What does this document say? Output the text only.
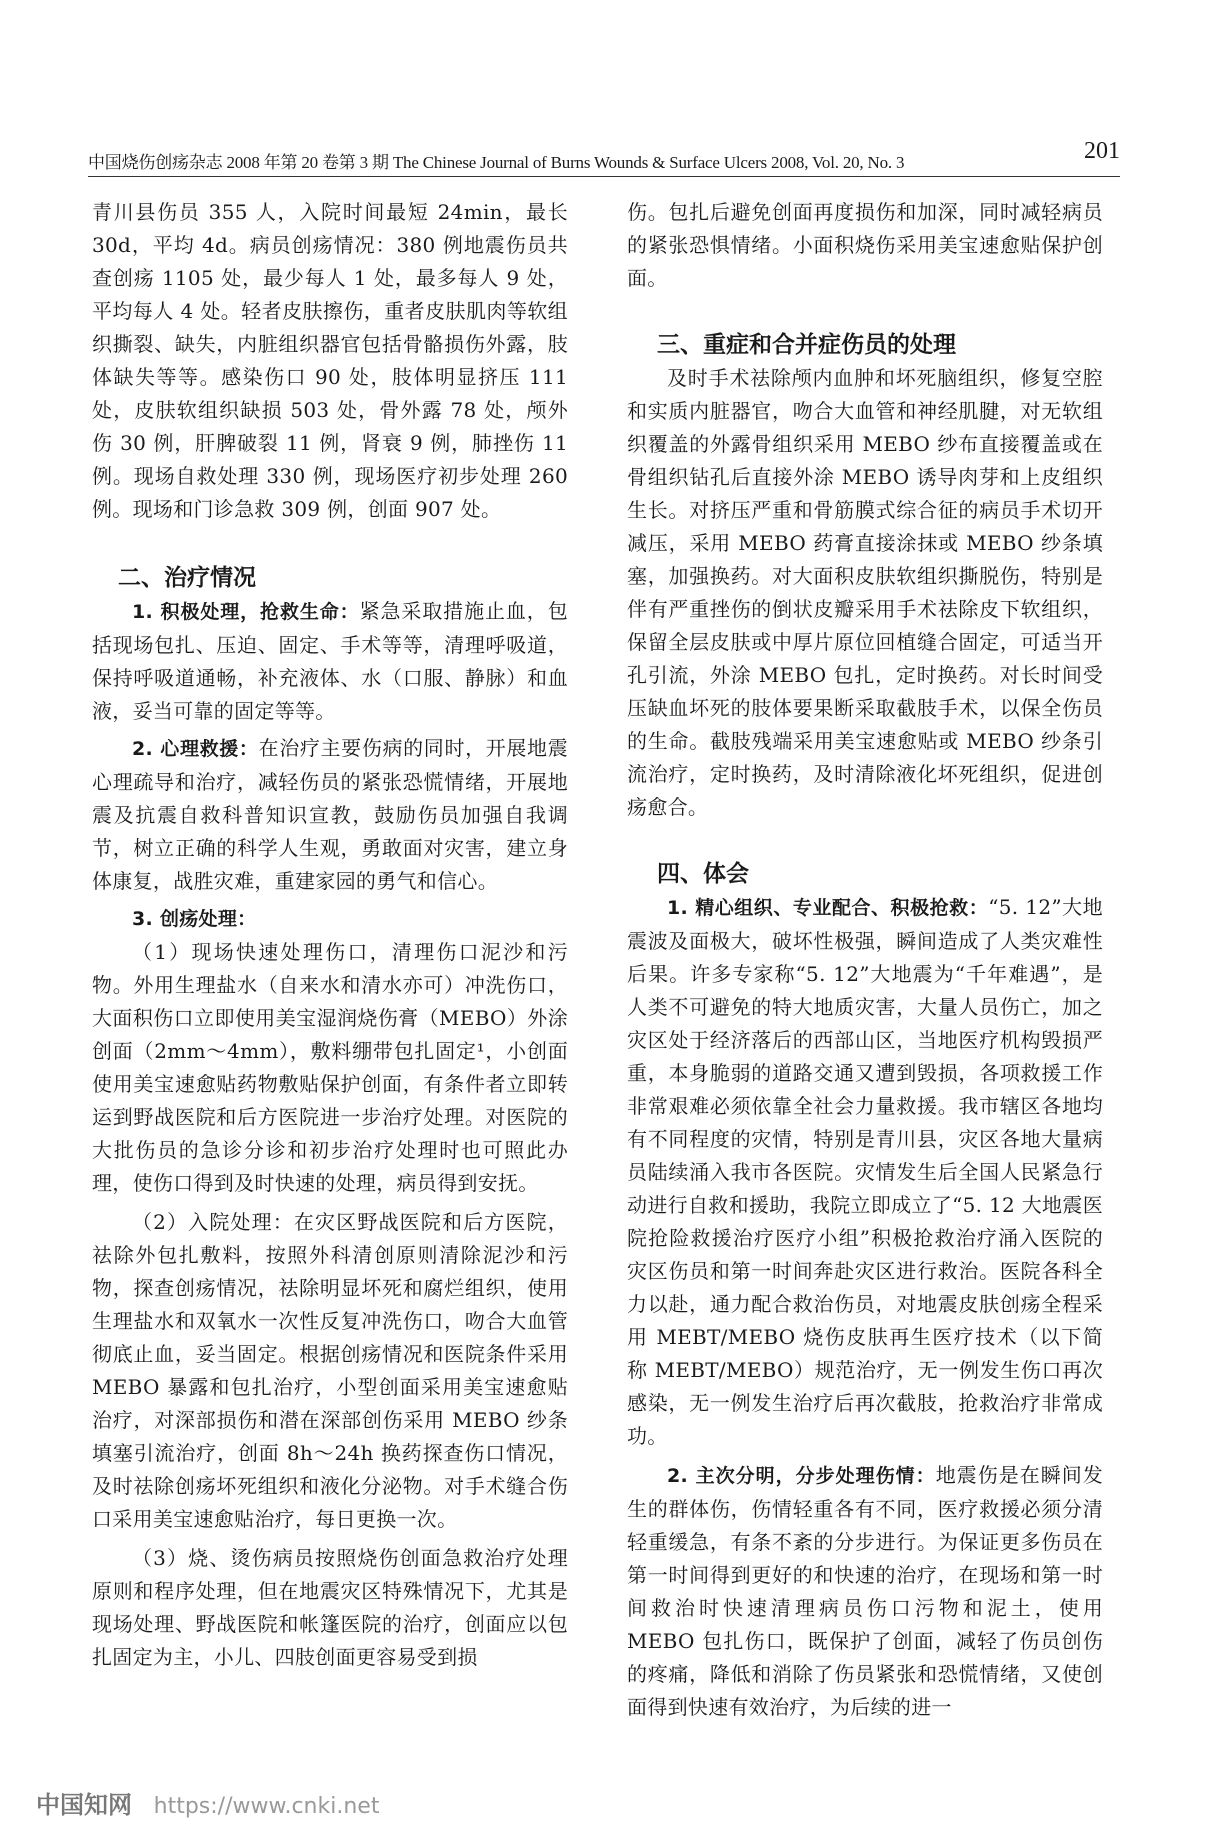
中国烧伤创疡杂志 2008 年第 20 卷第 3 期 The Chinese Journal of Burns Wounds & Surface Ulcers 2008, Vol. 20, No. 3	201

青川县伤员 355 人，入院时间最短 24min，最长 30d，平均 4d。病员创疡情况：380 例地震伤员共查创疡 1105 处，最少每人 1 处，最多每人 9 处，平均每人 4 处。轻者皮肤擦伤，重者皮肤肌肉等软组织撕裂、缺失，内脏组织器官包括骨骼损伤外露，肢体缺失等等。感染伤口 90 处，肢体明显挤压 111 处，皮肤软组织缺损 503 处，骨外露 78 处，颅外伤 30 例，肝脾破裂 11 例，肾衰 9 例，肺挫伤 11 例。现场自救处理 330 例，现场医疗初步处理 260 例。现场和门诊急救 309 例，创面 907 处。

二、治疗情况

1. 积极处理，抢救生命：紧急采取措施止血，包括现场包扎、压迫、固定、手术等等，清理呼吸道，保持呼吸道通畅，补充液体、水（口服、静脉）和血液，妥当可靠的固定等等。

2. 心理救援：在治疗主要伤病的同时，开展地震心理疏导和治疗，减轻伤员的紧张恐慌情绪，开展地震及抗震自救科普知识宣教，鼓励伤员加强自我调节，树立正确的科学人生观，勇敢面对灾害，建立身体康复，战胜灾难，重建家园的勇气和信心。

3. 创疡处理：

（1）现场快速处理伤口，清理伤口泥沙和污物。外用生理盐水（自来水和清水亦可）冲洗伤口，大面积伤口立即使用美宝湿润烧伤膏（MEBO）外涂创面（2mm～4mm），敷料绷带包扎固定¹，小创面使用美宝速愈贴药物敷贴保护创面，有条件者立即转运到野战医院和后方医院进一步治疗处理。对医院的大批伤员的急诊分诊和初步治疗处理时也可照此办理，使伤口得到及时快速的处理，病员得到安抚。

（2）入院处理：在灾区野战医院和后方医院，祛除外包扎敷料，按照外科清创原则清除泥沙和污物，探查创疡情况，祛除明显坏死和腐烂组织，使用生理盐水和双氧水一次性反复冲洗伤口，吻合大血管彻底止血，妥当固定。根据创疡情况和医院条件采用 MEBO 暴露和包扎治疗，小型创面采用美宝速愈贴治疗，对深部损伤和潜在深部创伤采用 MEBO 纱条填塞引流治疗，创面 8h～24h 换药探查伤口情况，及时祛除创疡坏死组织和液化分泌物。对手术缝合伤口采用美宝速愈贴治疗，每日更换一次。

（3）烧、烫伤病员按照烧伤创面急救治疗处理原则和程序处理，但在地震灾区特殊情况下，尤其是现场处理、野战医院和帐篷医院的治疗，创面应以包扎固定为主，小儿、四肢创面更容易受到损

伤。包扎后避免创面再度损伤和加深，同时减轻病员的紧张恐惧情绪。小面积烧伤采用美宝速愈贴保护创面。

三、重症和合并症伤员的处理

及时手术祛除颅内血肿和坏死脑组织，修复空腔和实质内脏器官，吻合大血管和神经肌腱，对无软组织覆盖的外露骨组织采用 MEBO 纱布直接覆盖或在骨组织钻孔后直接外涂 MEBO 诱导肉芽和上皮组织生长。对挤压严重和骨筋膜式综合征的病员手术切开减压，采用 MEBO 药膏直接涂抹或 MEBO 纱条填塞，加强换药。对大面积皮肤软组织撕脱伤，特别是伴有严重挫伤的倒状皮瓣采用手术祛除皮下软组织，保留全层皮肤或中厚片原位回植缝合固定，可适当开孔引流，外涂 MEBO 包扎，定时换药。对长时间受压缺血坏死的肢体要果断采取截肢手术，以保全伤员的生命。截肢残端采用美宝速愈贴或 MEBO 纱条引流治疗，定时换药，及时清除液化坏死组织，促进创疡愈合。

四、体会

1. 精心组织、专业配合、积极抢救：“5. 12”大地震波及面极大，破坏性极强，瞬间造成了人类灾难性后果。许多专家称“5. 12”大地震为“千年难遇”，是人类不可避免的特大地质灾害，大量人员伤亡，加之灾区处于经济落后的西部山区，当地医疗机构毁损严重，本身脆弱的道路交通又遭到毁损，各项救援工作非常艰难必须依靠全社会力量救援。我市辖区各地均有不同程度的灾情，特别是青川县，灾区各地大量病员陆续涌入我市各医院。灾情发生后全国人民紧急行动进行自救和援助，我院立即成立了“5. 12 大地震医院抢险救援治疗医疗小组”积极抢救治疗涌入医院的灾区伤员和第一时间奔赴灾区进行救治。医院各科全力以赴，通力配合救治伤员，对地震皮肤创疡全程采用 MEBT/MEBO 烧伤皮肤再生医疗技术（以下简称 MEBT/MEBO）规范治疗，无一例发生伤口再次感染，无一例发生治疗后再次截肢，抢救治疗非常成功。

2. 主次分明，分步处理伤情：地震伤是在瞬间发生的群体伤，伤情轻重各有不同，医疗救援必须分清轻重缓急，有条不紊的分步进行。为保证更多伤员在第一时间得到更好的和快速的治疗，在现场和第一时间救治时快速清理病员伤口污物和泥土，使用 MEBO 包扎伤口，既保护了创面，减轻了伤员创伤的疼痛，降低和消除了伤员紧张和恐慌情绪，又使创面得到快速有效治疗，为后续的进一

中国知网 https://www.cnki.net
